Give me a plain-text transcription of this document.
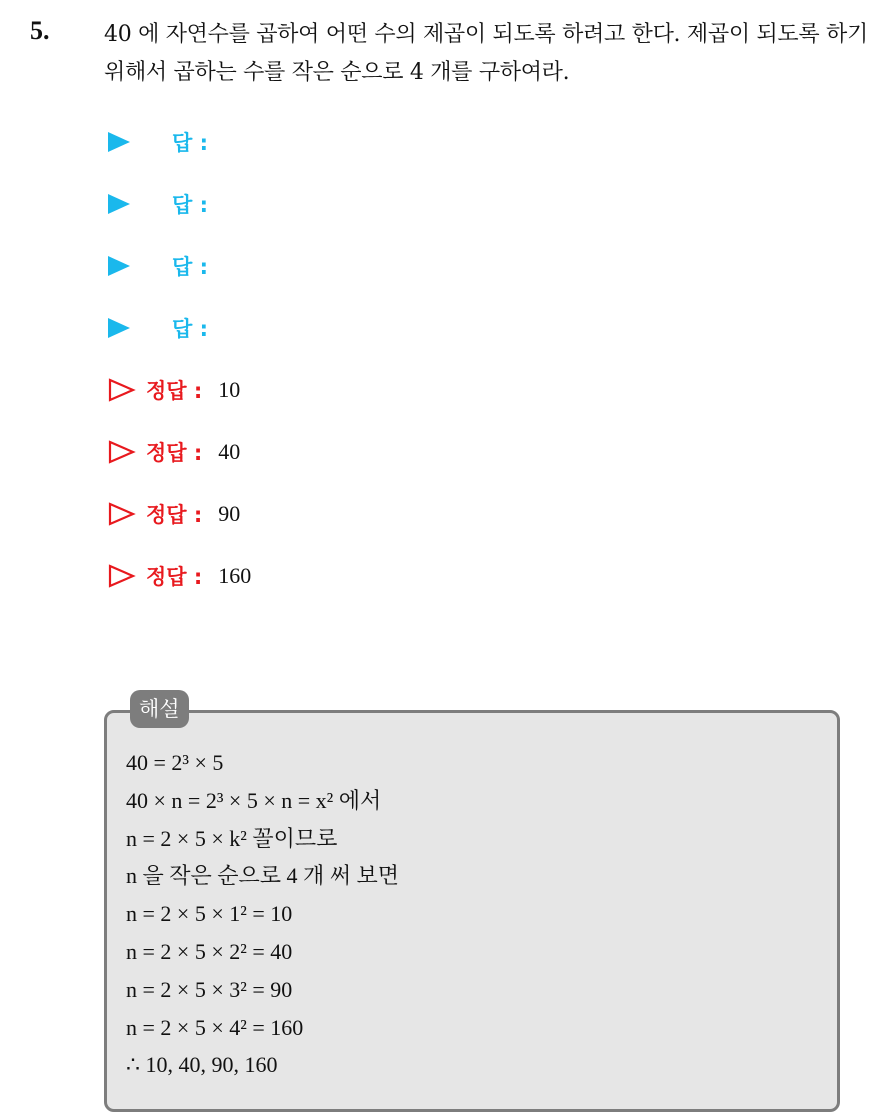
5. 40 에 자연수를 곱하여 어떤 수의 제곱이 되도록 하려고 한다. 제곱이 되도록 하기 위해서 곱하는 수를 작은 순으로 4 개를 구하여라.
답 :
답 :
답 :
답 :
정답 : 10
정답 : 40
정답 : 90
정답 : 160
해설
40 = 2³ × 5
40 × n = 2³ × 5 × n = x² 에서
n = 2 × 5 × k² 꼴이므로
n 을 작은 순으로 4 개 써 보면
n = 2 × 5 × 1² = 10
n = 2 × 5 × 2² = 40
n = 2 × 5 × 3² = 90
n = 2 × 5 × 4² = 160
∴ 10, 40, 90, 160
